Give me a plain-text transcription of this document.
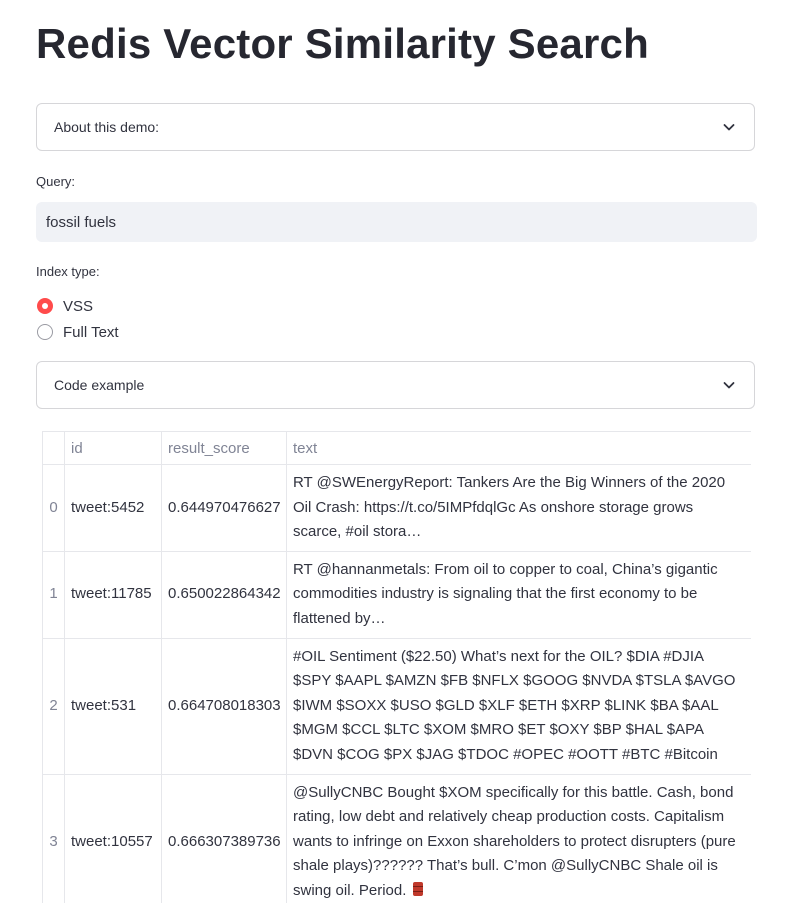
Redis Vector Similarity Search
About this demo:
Query:
fossil fuels
Index type:
VSS
Full Text
Code example
	id	result_score	text
0	tweet:5452	0.644970476627	RT @SWEnergyReport: Tankers Are the Big Winners of the 2020 Oil Crash: https://t.co/5IMPfdqlGc As onshore storage grows scarce, #oil stora…
1	tweet:11785	0.650022864342	RT @hannanmetals: From oil to copper to coal, China’s gigantic commodities industry is signaling that the first economy to be flattened by…
2	tweet:531	0.664708018303	#OIL Sentiment ($22.50) What’s next for the OIL? $DIA #DJIA $SPY $AAPL $AMZN $FB $NFLX $GOOG $NVDA $TSLA $AVGO $IWM $SOXX $USO $GLD $XLF $ETH $XRP $LINK $BA $AAL $MGM $CCL $LTC $XOM $MRO $ET $OXY $BP $HAL $APA $DVN $COG $PX $JAG $TDOC #OPEC #OOTT #BTC #Bitcoin
3	tweet:10557	0.666307389736	@SullyCNBC Bought $XOM specifically for this battle. Cash, bond rating, low debt and relatively cheap production costs. Capitalism wants to infringe on Exxon shareholders to protect disrupters (pure shale plays)?????? That’s bull. C’mon @SullyCNBC Shale oil is swing oil. Period.
